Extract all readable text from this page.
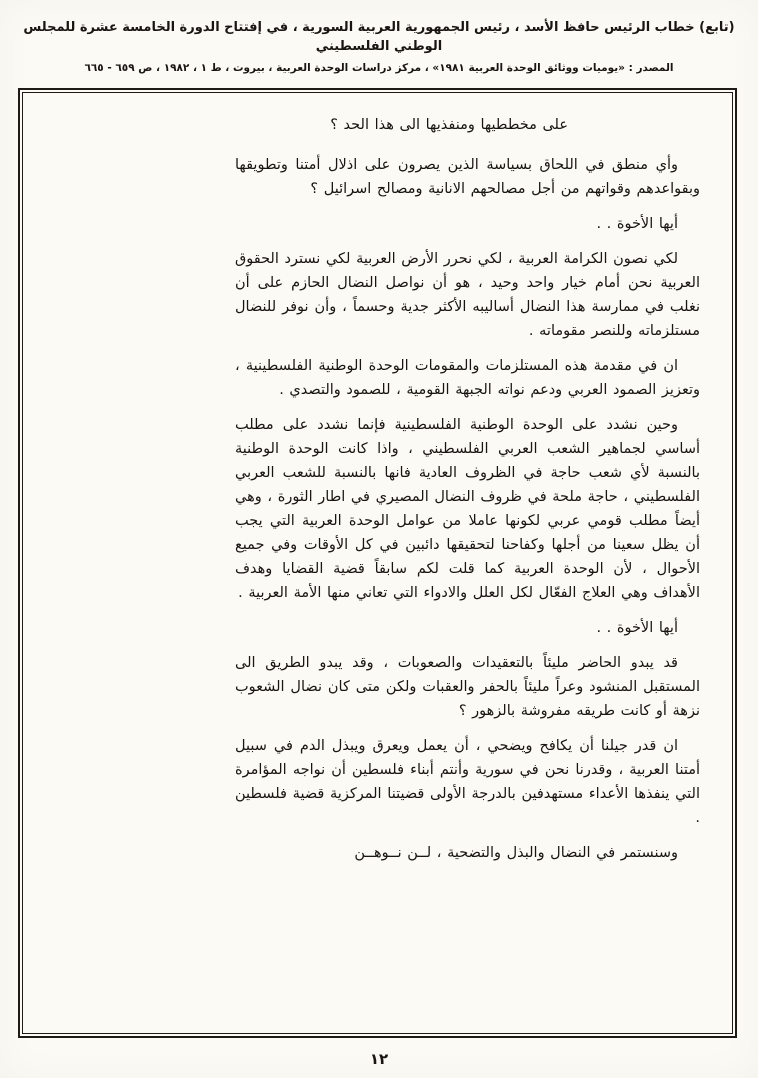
(تابع) خطاب الرئيس حافظ الأسد ، رئيس الجمهورية العربية السورية ، في إفتتاح الدورة الخامسة عشرة للمجلس الوطني الفلسطيني
المصدر : «يوميات ووثائق الوحدة العربية ١٩٨١» ، مركز دراسات الوحدة العربية ، بيروت ، ط ١ ، ١٩٨٢ ، ص ٦٥٩ - ٦٦٥

على مخططيها ومنفذيها الى هذا الحد ؟

وأي منطق في اللحاق بسياسة الذين يصرون على اذلال أمتنا وتطويقها وبقواعدهم وقواتهم من أجل مصالحهم الانانية ومصالح اسرائيل ؟

أيها الأخوة . .

لكي نصون الكرامة العربية ، لكي نحرر الأرض العربية لكي نسترد الحقوق العربية نحن أمام خيار واحد وحيد ، هو أن نواصل النضال الحازم على أن نغلب في ممارسة هذا النضال أساليبه الأكثر جدية وحسماً ، وأن نوفر للنضال مستلزماته وللنصر مقوماته .

ان في مقدمة هذه المستلزمات والمقومات الوحدة الوطنية الفلسطينية ، وتعزيز الصمود العربي ودعم نواته الجبهة القومية ، للصمود والتصدي .

وحين نشدد على الوحدة الوطنية الفلسطينية فإنما نشدد على مطلب أساسي لجماهير الشعب العربي الفلسطيني ، واذا كانت الوحدة الوطنية بالنسبة لأي شعب حاجة في الظروف العادية فانها بالنسبة للشعب العربي الفلسطيني ، حاجة ملحة في ظروف النضال المصيري في اطار الثورة ، وهي أيضاً مطلب قومي عربي لكونها عاملا من عوامل الوحدة العربية التي يجب أن يظل سعينا من أجلها وكفاحنا لتحقيقها دائبين في كل الأوقات وفي جميع الأحوال ، لأن الوحدة العربية كما قلت لكم سابقاً قضية القضايا وهدف الأهداف وهي العلاج الفعّال لكل العلل والادواء التي تعاني منها الأمة العربية .

أيها الأخوة . .

قد يبدو الحاضر مليئاً بالتعقيدات والصعوبات ، وقد يبدو الطريق الى المستقبل المنشود وعراً مليئاً بالحفر والعقبات ولكن متى كان نضال الشعوب نزهة أو كانت طريقه مفروشة بالزهور ؟

ان قدر جيلنا أن يكافح ويضحي ، أن يعمل ويعرق ويبذل الدم في سبيل أمتنا العربية ، وقدرنا نحن في سورية وأنتم أبناء فلسطين أن نواجه المؤامرة التي ينفذها الأعداء مستهدفين بالدرجة الأولى قضيتنا المركزية قضية فلسطين .

وسنستمر في النضال والبذل والتضحية ، لــن نــوهــن

١٢
